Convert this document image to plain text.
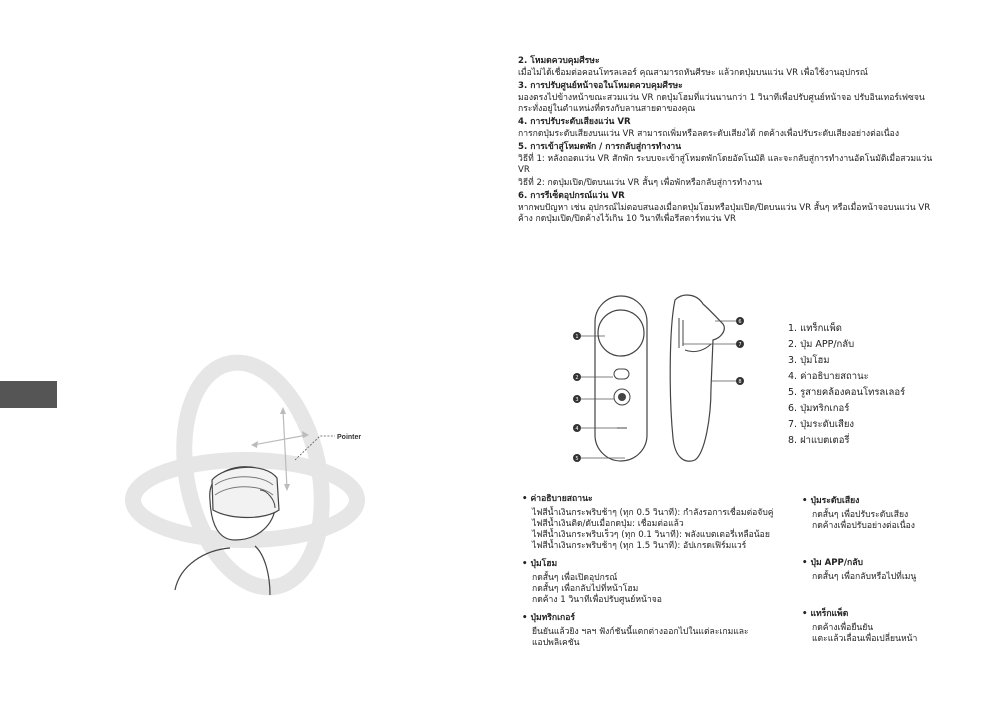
Pointer
2. โหมดควบคุมศีรษะ
เมื่อไม่ได้เชื่อมต่อคอนโทรลเลอร์ คุณสามารถหันศีรษะ แล้วกดปุ่มบนแว่น VR เพื่อใช้งานอุปกรณ์
3. การปรับศูนย์หน้าจอในโหมดควบคุมศีรษะ
มองตรงไปข้างหน้าขณะสวมแว่น VR กดปุ่มโฮมที่แว่นนานกว่า 1 วินาทีเพื่อปรับศูนย์หน้าจอ ปรับอินเทอร์เฟซจนกระทั่งอยู่ในตำแหน่งที่ตรงกับลานสายตาของคุณ
4. การปรับระดับเสียงแว่น VR
การกดปุ่มระดับเสียงบนแว่น VR สามารถเพิ่มหรือลดระดับเสียงได้ กดค้างเพื่อปรับระดับเสียงอย่างต่อเนื่อง
5. การเข้าสู่โหมดพัก / การกลับสู่การทำงาน
วิธีที่ 1: หลังถอดแว่น VR สักพัก ระบบจะเข้าสู่โหมดพักโดยอัตโนมัติ และจะกลับสู่การทำงานอัตโนมัติเมื่อสวมแว่น VR
วิธีที่ 2: กดปุ่มเปิด/ปิดบนแว่น VR สั้นๆ เพื่อพักหรือกลับสู่การทำงาน
6. การรีเซ็ตอุปกรณ์แว่น VR
หากพบปัญหา เช่น อุปกรณ์ไม่ตอบสนองเมื่อกดปุ่มโฮมหรือปุ่มเปิด/ปิดบนแว่น VR สั้นๆ หรือเมื่อหน้าจอบนแว่น VR ค้าง กดปุ่มเปิด/ปิดค้างไว้เกิน 10 วินาทีเพื่อรีสตาร์ทแว่น VR
1
2
3
4
5
6
7
8
1. แทร็กแพ็ด
2. ปุ่ม APP/กลับ
3. ปุ่มโฮม
4. ค่าอธิบายสถานะ
5. รูสายคล้องคอนโทรลเลอร์
6. ปุ่มทริกเกอร์
7. ปุ่มระดับเสียง
8. ฝาแบตเตอรี่
• ค่าอธิบายสถานะ
ไฟสีน้ำเงินกระพริบช้าๆ (ทุก 0.5 วินาที): กำลังรอการเชื่อมต่อจับคู่
ไฟสีน้ำเงินติด/ดับเมื่อกดปุ่ม: เชื่อมต่อแล้ว
ไฟสีน้ำเงินกระพริบเร็วๆ (ทุก 0.1 วินาที): พลังแบตเตอรี่เหลือน้อย
ไฟสีน้ำเงินกระพริบช้าๆ (ทุก 1.5 วินาที): อัปเกรดเฟิร์มแวร์
• ปุ่มโฮม
กดสั้นๆ เพื่อเปิดอุปกรณ์
กดสั้นๆ เพื่อกลับไปที่หน้าโฮม
กดค้าง 1 วินาทีเพื่อปรับศูนย์หน้าจอ
• ปุ่มทริกเกอร์
ยืนยันแล้วยิง ฯลฯ ฟังก์ชันนี้แตกต่างออกไปในแต่ละเกมและแอปพลิเคชัน
• ปุ่มระดับเสียง
กดสั้นๆ เพื่อปรับระดับเสียง
กดค้างเพื่อปรับอย่างต่อเนื่อง
• ปุ่ม APP/กลับ
กดสั้นๆ เพื่อกลับหรือไปที่เมนู
• แทร็กแพ็ด
กดค้างเพื่อยืนยัน
แตะแล้วเลื่อนเพื่อเปลี่ยนหน้า
